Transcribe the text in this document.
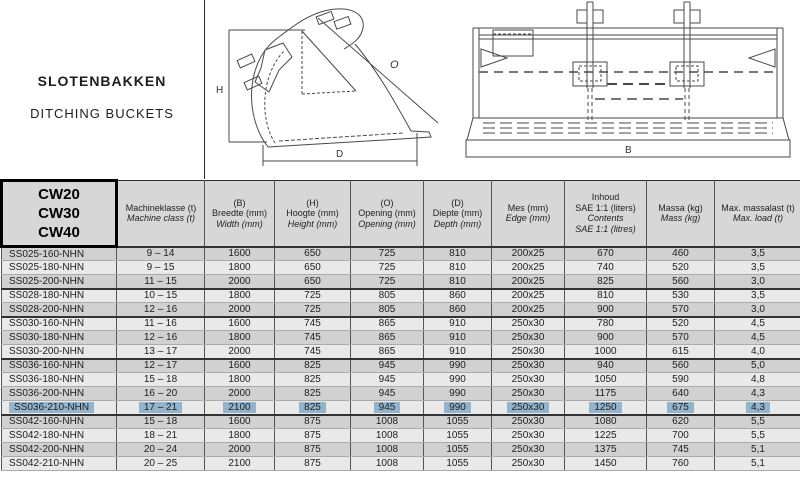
SLOTENBAKKEN
DITCHING BUCKETS
H
D
O
B
CW20
CW30
CW40

Machineklasse (t)
Machine class (t)

(B)
Breedte (mm)
Width (mm)

(H)
Hoogte (mm)
Height (mm)

(O)
Opening (mm)
Opening (mm)

(D)
Diepte (mm)
Depth (mm)

Mes (mm)
Edge (mm)

Inhoud
SAE 1:1 (liters)
Contents
SAE 1:1 (litres)

Massa (kg)
Mass (kg)

Max. massalast (t)
Max. load (t)

SS025-160-NHN	9 – 14	1600	650	725	810	200x25	670	460	3,5
SS025-180-NHN	9 – 15	1800	650	725	810	200x25	740	520	3,5
SS025-200-NHN	11 – 15	2000	650	725	810	200x25	825	560	3,0
SS028-180-NHN	10 – 15	1800	725	805	860	200x25	810	530	3,5
SS028-200-NHN	12 – 16	2000	725	805	860	200x25	900	570	3,0
SS030-160-NHN	11 – 16	1600	745	865	910	250x30	780	520	4,5
SS030-180-NHN	12 – 16	1800	745	865	910	250x30	900	570	4,5
SS030-200-NHN	13 – 17	2000	745	865	910	250x30	1000	615	4,0
SS036-160-NHN	12 – 17	1600	825	945	990	250x30	940	560	5,0
SS036-180-NHN	15 – 18	1800	825	945	990	250x30	1050	590	4,8
SS036-200-NHN	16 – 20	2000	825	945	990	250x30	1175	640	4,3
SS036-210-NHN	17 – 21	2100	825	945	990	250x30	1250	675	4,3
SS042-160-NHN	15 – 18	1600	875	1008	1055	250x30	1080	620	5,5
SS042-180-NHN	18 – 21	1800	875	1008	1055	250x30	1225	700	5,5
SS042-200-NHN	20 – 24	2000	875	1008	1055	250x30	1375	745	5,1
SS042-210-NHN	20 – 25	2100	875	1008	1055	250x30	1450	760	5,1
